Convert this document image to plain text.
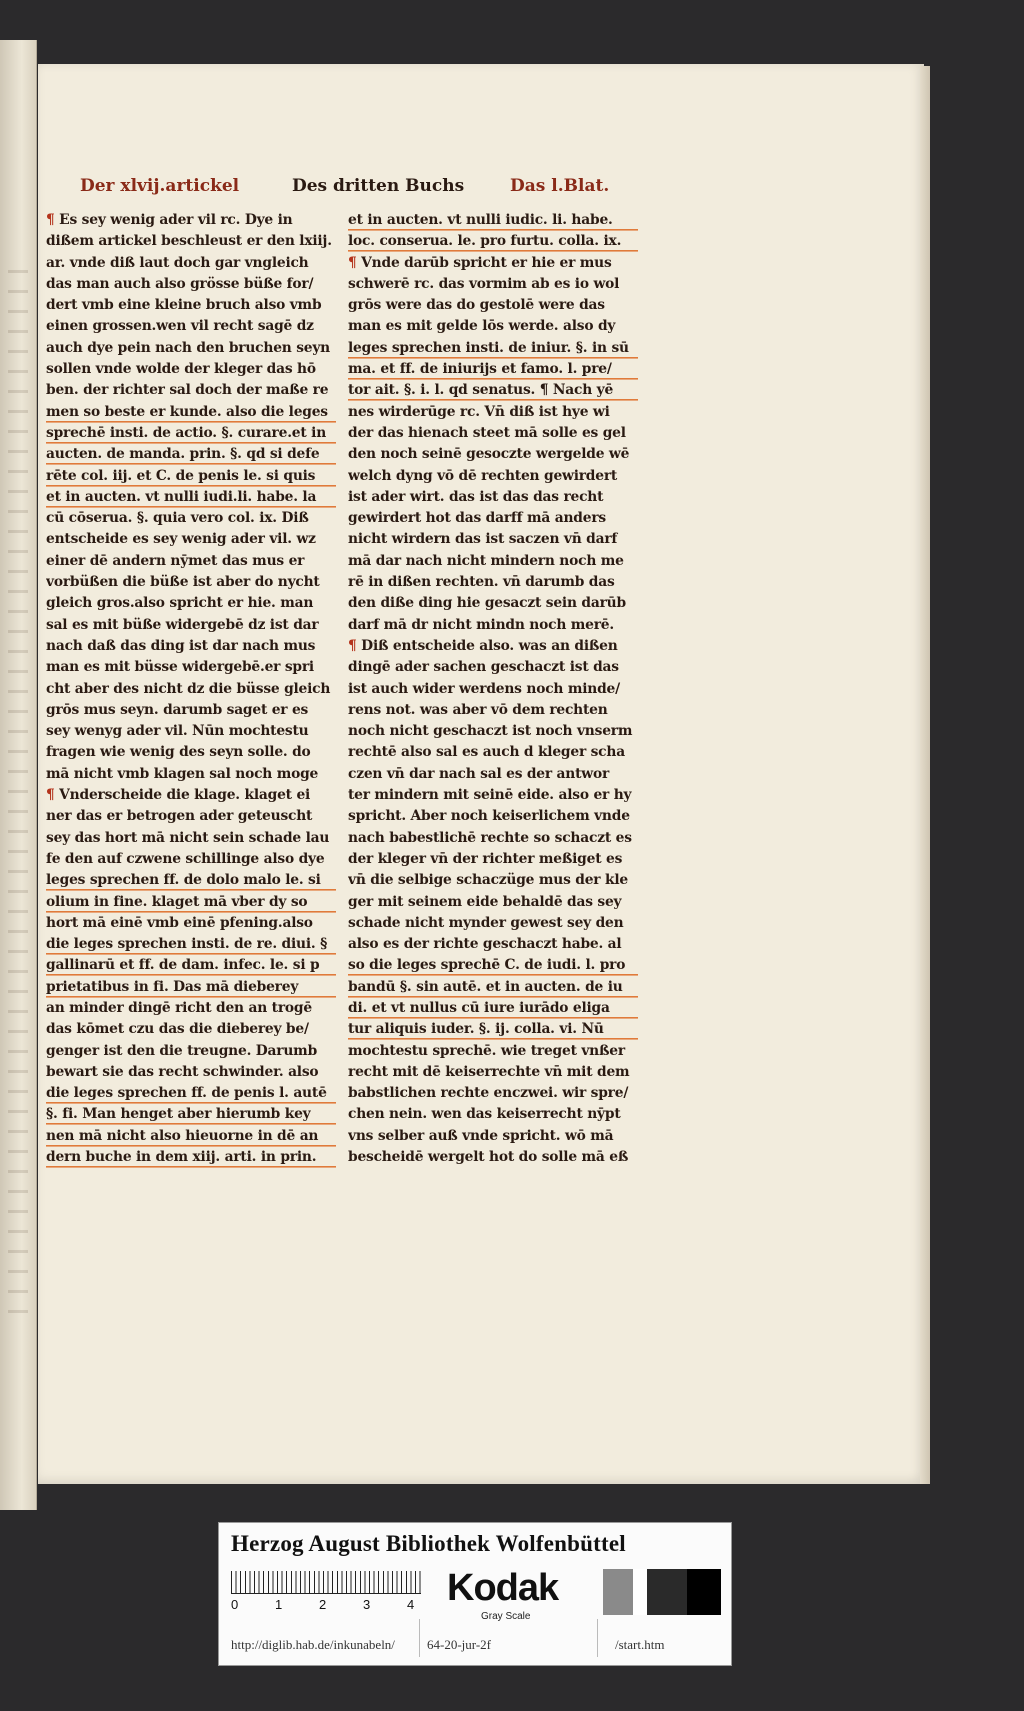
Der xlvij.artickel	Des dritten Buchs	Das l.Blat.
¶ Es sey wenig ader vil rc. Dye in
dißem artickel beschleust er den lxiij.
ar. vnde diß laut doch gar vngleich
das man auch also grösse büße for/
dert vmb eine kleine bruch also vmb
einen grossen.wen vil recht sagē dz
auch dye pein nach den bruchen seyn
sollen vnde wolde der kleger das hō
ben. der richter sal doch der maße re
men so beste er kunde. also die leges
sprechē insti. de actio. §. curare.et in
aucten. de manda. prin. §. qd si defe
rēte col. iij. et C. de penis le. si quis
et in aucten. vt nulli iudi.li. habe. la
cū cōserua. §. quia vero col. ix. Diß
entscheide es sey wenig ader vil. wz
einer dē andern nȳmet das mus er
vorbüßen die büße ist aber do nycht
gleich gros.also spricht er hie. man
sal es mit büße widergebē dz ist dar
nach daß das ding ist dar nach mus
man es mit büsse widergebē.er spri
cht aber des nicht dz die büsse gleich
grōs mus seyn. darumb saget er es
sey wenyg ader vil. Nūn mochtestu
fragen wie wenig des seyn solle. do
mā nicht vmb klagen sal noch moge
¶ Vnderscheide die klage. klaget ei
ner das er betrogen ader geteuscht
sey das hort mā nicht sein schade lau
fe den auf czwene schillinge also dye
leges sprechen ff. de dolo malo le. si
olium in fine. klaget mā vber dy so
hort mā einē vmb einē pfening.also
die leges sprechen insti. de re. diui. §
gallinarū et ff. de dam. infec. le. si p
prietatibus in fi. Das mā dieberey
an minder dingē richt den an trogē
das kōmet czu das die dieberey be/
genger ist den die treugne. Darumb
bewart sie das recht schwinder. also
die leges sprechen ff. de penis l. autē
§. fi. Man henget aber hierumb key
nen mā nicht also hieuorne in dē an
dern buche in dem xiij. arti. in prin.
et in aucten. vt nulli iudic. li. habe.
loc. conserua. le. pro furtu. colla. ix.
¶ Vnde darūb spricht er hie er mus
schwerē rc. das vormim ab es io wol
grōs were das do gestolē were das
man es mit gelde lōs werde. also dy
leges sprechen insti. de iniur. §. in sū
ma. et ff. de iniurijs et famo. l. pre/
tor ait. §. i. l. qd senatus. ¶ Nach yē
nes wirderūge rc. Vn̄ diß ist hye wi
der das hienach steet mā solle es gel
den noch seinē gesoczte wergelde wē
welch dyng vō dē rechten gewirdert
ist ader wirt. das ist das das recht
gewirdert hot das darff mā anders
nicht wirdern das ist saczen vn̄ darf
mā dar nach nicht mindern noch me
rē in dißen rechten. vn̄ darumb das
den diße ding hie gesaczt sein darūb
darf mā dr nicht mindn noch merē.
¶ Diß entscheide also. was an dißen
dingē ader sachen geschaczt ist das
ist auch wider werdens noch minde/
rens not. was aber vō dem rechten
noch nicht geschaczt ist noch vnserm
rechtē also sal es auch d kleger scha
czen vn̄ dar nach sal es der antwor
ter mindern mit seinē eide. also er hy
spricht. Aber noch keiserlichem vnde
nach babestlichē rechte so schaczt es
der kleger vn̄ der richter meßiget es
vn̄ die selbige schaczüge mus der kle
ger mit seinem eide behaldē das sey
schade nicht mynder gewest sey den
also es der richte geschaczt habe. al
so die leges sprechē C. de iudi. l. pro
bandū §. sin autē. et in aucten. de iu
di. et vt nullus cū iure iurādo eliga
tur aliquis iuder. §. ij. colla. vi. Nū
mochtestu sprechē. wie treget vnßer
recht mit dē keiserrechte vn̄ mit dem
babstlichen rechte enczwei. wir spre/
chen nein. wen das keiserrecht nȳpt
vns selber auß vnde spricht. wō mā
bescheidē wergelt hot do solle mā eß
Herzog August Bibliothek Wolfenbüttel
0	1	2	3	4 Kodak
Gray Scale
http://diglib.hab.de/inkunabeln/ 64-20-jur-2f	/start.htm
